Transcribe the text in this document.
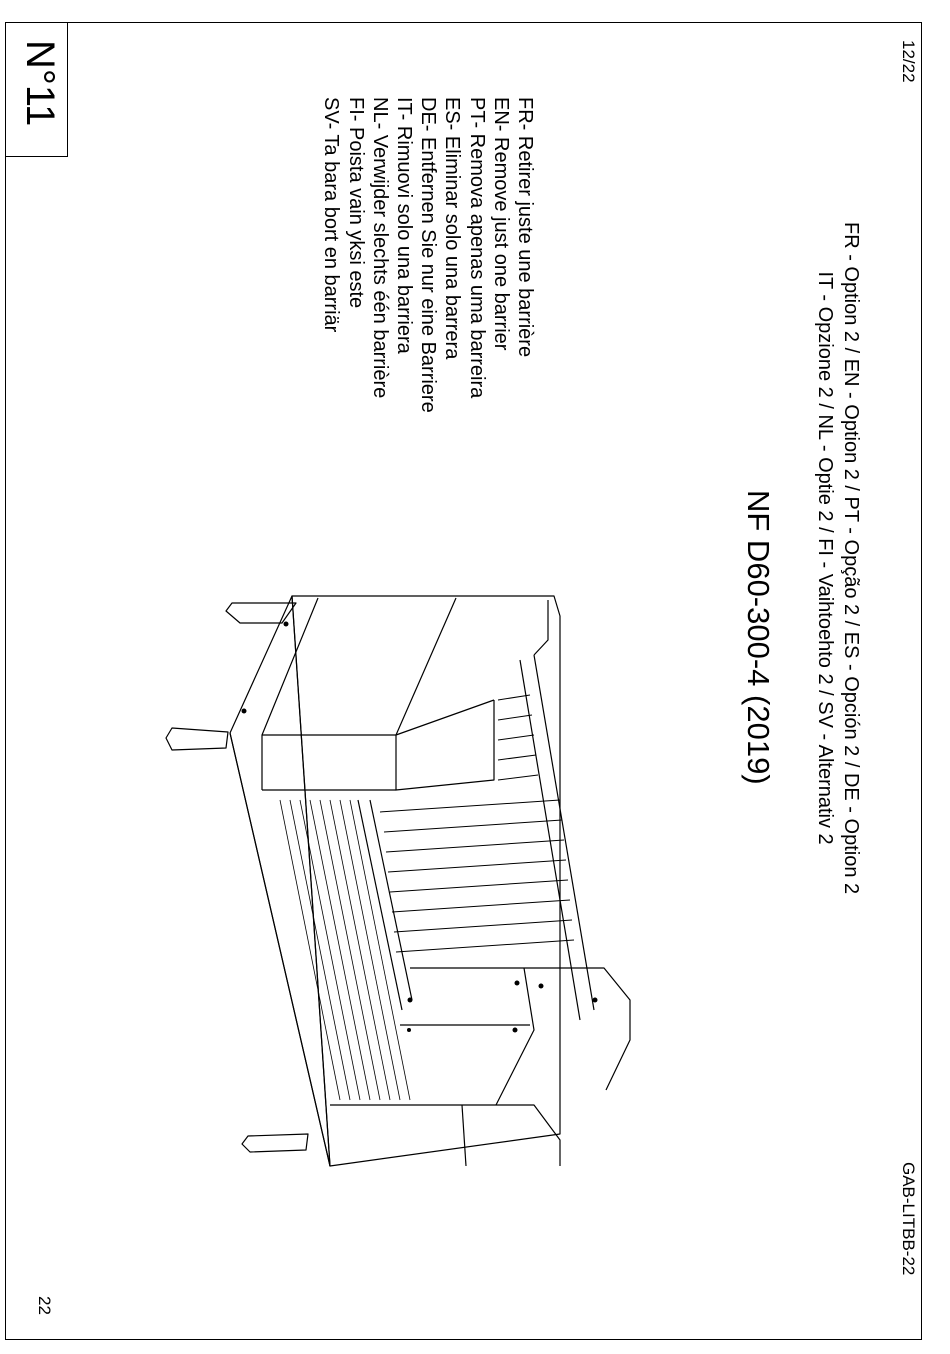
N°11	12/22
GAB-LITBB-22
22
NF D60-300-4 (2019)	FR - Option 2 / EN - Option 2 / PT - Opção 2 / ES - Opción 2 / DE - Option 2
IT - Opzione 2 / NL - Optie 2 / FI - Vaihtoehto 2 / SV - Alternativ 2
FR- Retirer juste une barrière
EN- Remove just one barrier
PT- Remova apenas uma barreira
ES- Eliminar solo una barrera
DE- Entfernen Sie nur eine Barriere
IT- Rimuovi solo una barriera
NL- Verwijder slechts één barrière
FI- Poista vain yksi este
SV- Ta bara bort en barriär
